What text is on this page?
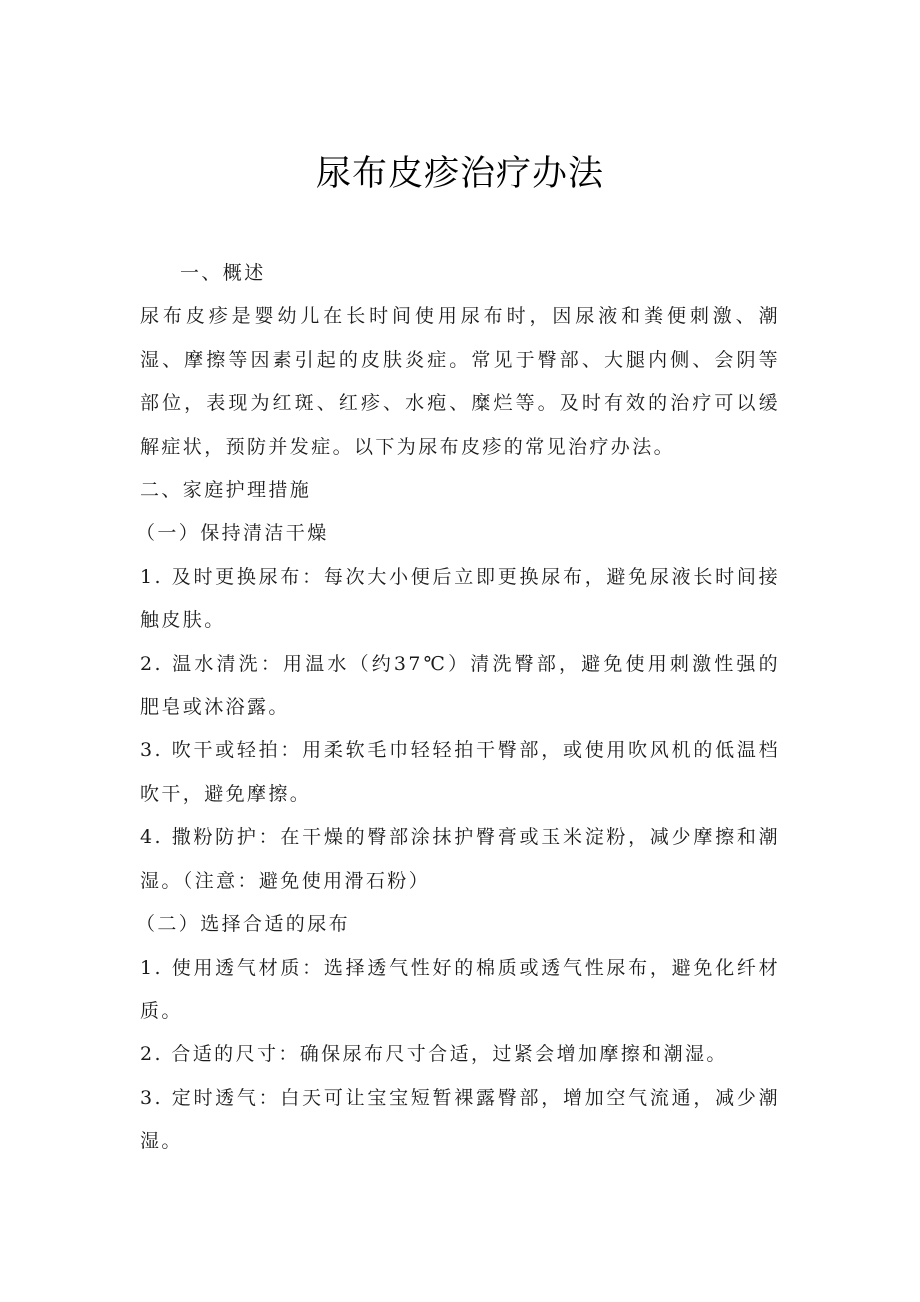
尿布皮疹治疗办法

一、概述

尿布皮疹是婴幼儿在长时间使用尿布时，因尿液和粪便刺激、潮湿、摩擦等因素引起的皮肤炎症。常见于臀部、大腿内侧、会阴等部位，表现为红斑、红疹、水疱、糜烂等。及时有效的治疗可以缓解症状，预防并发症。以下为尿布皮疹的常见治疗办法。

二、家庭护理措施

（一）保持清洁干燥

1. 及时更换尿布：每次大小便后立即更换尿布，避免尿液长时间接触皮肤。

2. 温水清洗：用温水（约37℃）清洗臀部，避免使用刺激性强的肥皂或沐浴露。

3. 吹干或轻拍：用柔软毛巾轻轻拍干臀部，或使用吹风机的低温档吹干，避免摩擦。

4. 撒粉防护：在干燥的臀部涂抹护臀膏或玉米淀粉，减少摩擦和潮湿。（注意：避免使用滑石粉）

（二）选择合适的尿布

1. 使用透气材质：选择透气性好的棉质或透气性尿布，避免化纤材质。

2. 合适的尺寸：确保尿布尺寸合适，过紧会增加摩擦和潮湿。

3. 定时透气：白天可让宝宝短暂裸露臀部，增加空气流通，减少潮湿。
